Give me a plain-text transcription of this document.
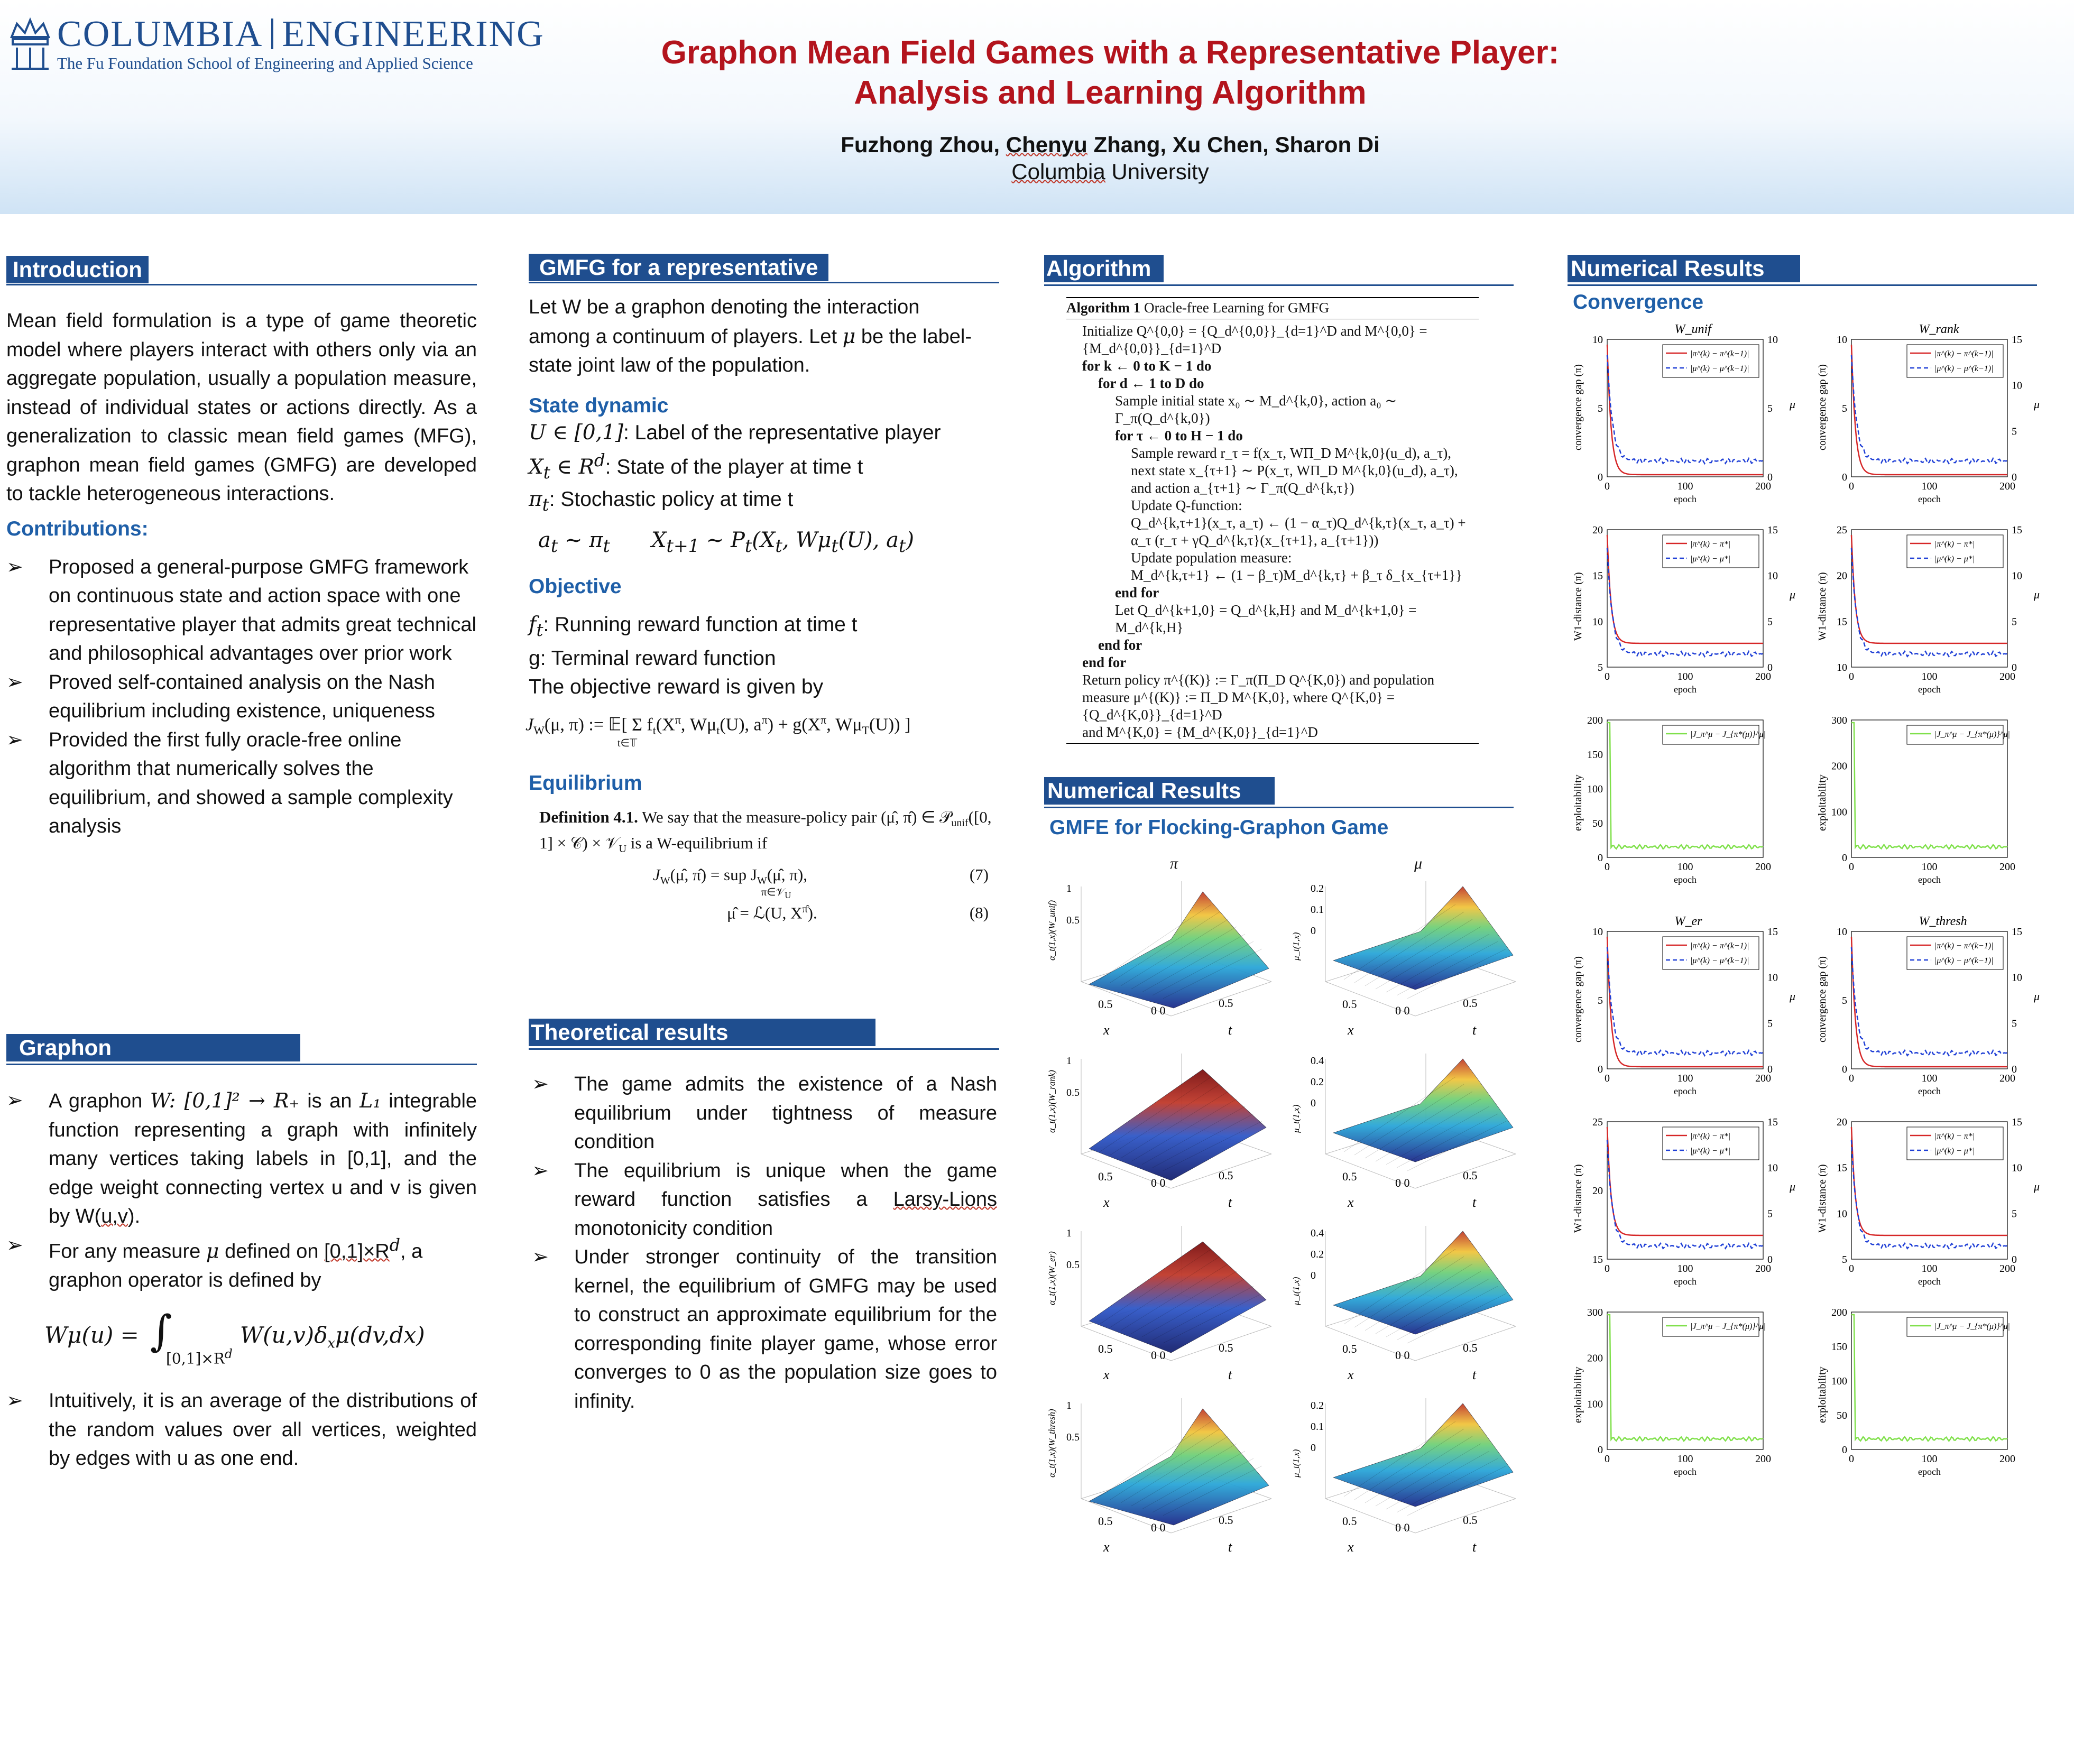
COLUMBIA ENGINEERING
The Fu Foundation School of Engineering and Applied Science	Graphon Mean Field Games with a Representative Player:
Analysis and Learning Algorithm
Fuzhong Zhou, Chenyu Zhang, Xu Chen, Sharon Di
Columbia University
Introduction
Mean field formulation is a type of game theoretic model where players interact with others only via an aggregate population, usually a population measure, instead of individual states or actions directly. As a generalization to classic mean field games (MFG), graphon mean field games (GMFG) are developed to tackle heterogeneous interactions.
Contributions:
➢ Proposed a general-purpose GMFG framework on continuous state and action space with one representative player that admits great technical and philosophical advantages over prior work
➢ Proved self-contained analysis on the Nash equilibrium including existence, uniqueness
➢ Provided the first fully oracle-free online algorithm that numerically solves the equilibrium, and showed a sample complexity analysis
Graphon
➢ A graphon W: [0,1]² → R₊ is an L₁ integrable function representing a graph with infinitely many vertices taking labels in [0,1], and the edge weight connecting vertex u and v is given by W(u,v).
➢ For any measure μ defined on $[0,1]\times R^d$, a graphon operator is defined by
Wμ(u) = ∫
$[0,1]\times R^d$
$W(u,v)\delta_x\mu(dv,dx)$
➢ Intuitively, it is an average of the distributions of the random values over all vertices, weighted by edges with u as one end.
GMFG for a representative
Let W be a graphon denoting the interaction among a continuum of players. Let μ be the label-state joint law of the population.
State dynamic
U ∈ [0,1]: Label of the representative player
$X_t$ ∈ $R^d$: State of the player at time t
$\pi_t$: Stochastic policy at time t
$a_t$ ~ $\pi_t$ $X_{t+1}$ ~ $P_t(X_t$, $W\mu_t(U)$, $a_t$)
Objective
$f_t$: Running reward function at time t
g: Terminal reward function
The objective reward is given by
$J_W(\mu$, π) := 𝔼[ Σ $f_t(X^\pi$, $W\mu_t(U)$, $a^\pi) + g(X^\pi$, $W\mu_T(U)$) ]
t∈𝕋
Equilibrium
Definition 4.1. We say that the measure-policy pair (μ̂, π̂) ∈ 𝒫$_{unif}$([0, 1] × 𝒞) × 𝒱$_U$ is a W-equilibrium if
$J_W(\mû$, π̂) = sup $J_W(\mû$, π),
π∈𝒱$_U$
(7)
μ̂ = ℒ(U, $X^{\pî}$).	(8)
Theoretical results
➢ The game admits the existence of a Nash equilibrium under tightness of measure condition
➢ The equilibrium is unique when the game reward function satisfies a Larsy-Lions monotonicity condition
➢ Under stronger continuity of the transition kernel, the equilibrium of GMFG may be used to construct an approximate equilibrium for the corresponding finite player game, whose error converges to 0 as the population size goes to infinity.
Algorithm
Algorithm 1 Oracle-free Learning for GMFG
Initialize Q^{0,0} = {Q_d^{0,0}}_{d=1}^D and M^{0,0} = {M_d^{0,0}}_{d=1}^D
for k ← 0 to K − 1 do
for d ← 1 to D do
Sample initial state x₀ ∼ M_d^{k,0}, action a₀ ∼
Γ_π(Q_d^{k,0})
for τ ← 0 to H − 1 do
Sample reward r_τ = f(x_τ, WΠ_D M^{k,0}(u_d), a_τ),
next state x_{τ+1} ∼ P(x_τ, WΠ_D M^{k,0}(u_d), a_τ),
and action a_{τ+1} ∼ Γ_π(Q_d^{k,τ})
Update Q-function:
Q_d^{k,τ+1}(x_τ, a_τ) ← (1 − α_τ)Q_d^{k,τ}(x_τ, a_τ) +
α_τ (r_τ + γQ_d^{k,τ}(x_{τ+1}, a_{τ+1}))
Update population measure:
M_d^{k,τ+1} ← (1 − β_τ)M_d^{k,τ} + β_τ δ_{x_{τ+1}}
end for
Let Q_d^{k+1,0} = Q_d^{k,H} and M_d^{k+1,0} = M_d^{k,H}
end for
end for
Return policy π^{(K)} := Γ_π(Π_D Q^{K,0}) and population
measure μ^{(K)} := Π_D M^{K,0}, where Q^{K,0} = {Q_d^{K,0}}_{d=1}^D
and M^{K,0} = {M_d^{K,0}}_{d=1}^D
Numerical Results
GMFE for Flocking-Graphon Game
π	μ
1
0.5
α_t(1,x)(W_unif)
0.5	0 0
0.5
x	t
0.2
0.1
0
μ_t(1,x)
0.5	0 0
0.5
x	t
1
0.5
α_t(1,x)(W_rank)
0.5	0 0
0.5
x	t
0.4
0.2
0
μ_t(1,x)
0.5	0 0
0.5
x	t
1
0.5
α_t(1,x)(W_er)
0.5	0 0
0.5
x	t
0.4
0.2
0
μ_t(1,x)
0.5	0 0
0.5
x	t
1
0.5
α_t(1,x)(W_thresh)
0.5	0 0
0.5
x	t
0.2
0.1
0
μ_t(1,x)
0.5	0 0
0.5
x	t
Numerical Results
Convergence
W_unif
10
5
0
10
5
0
0	100	200
epoch
convergence gap (π)	μ
|π^(k) − π^(k−1)|
|μ^(k) − μ^(k−1)|
W_rank
10
5
0
15
10
5
0
0	100	200
epoch
convergence gap (π)	μ
|π^(k) − π^(k−1)|
|μ^(k) − μ^(k−1)|
20
15
10
5
15
10
5
0
0	100	200
epoch
W1-distance (π)	μ
|π^(k) − π*|
|μ^(k) − μ*|
25
20
15
10
15
10
5
0
0	100	200
epoch
W1-distance (π)	μ
|π^(k) − π*|
|μ^(k) − μ*|
200
150
100
50
0
0	100	200
epoch
exploitability
|J_π^μ − J_{π*(μ)}^μ|
300
200
100
0
0	100	200
epoch
exploitability
|J_π^μ − J_{π*(μ)}^μ|
W_er
10
5
0
15
10
5
0
0	100	200
epoch
convergence gap (π)	μ
|π^(k) − π^(k−1)|
|μ^(k) − μ^(k−1)|
W_thresh
10
5
0
15
10
5
0
0	100	200
epoch
convergence gap (π)	μ
|π^(k) − π^(k−1)|
|μ^(k) − μ^(k−1)|
25
20
15
15
10
5
0
0	100	200
epoch
W1-distance (π)	μ
|π^(k) − π*|
|μ^(k) − μ*|
20
15
10
5
15
10
5
0
0	100	200
epoch
W1-distance (π)	μ
|π^(k) − π*|
|μ^(k) − μ*|
300
200
100
0
0	100	200
epoch
exploitability
|J_π^μ − J_{π*(μ)}^μ|
200
150
100
50
0
0	100	200
epoch
exploitability
|J_π^μ − J_{π*(μ)}^μ|
